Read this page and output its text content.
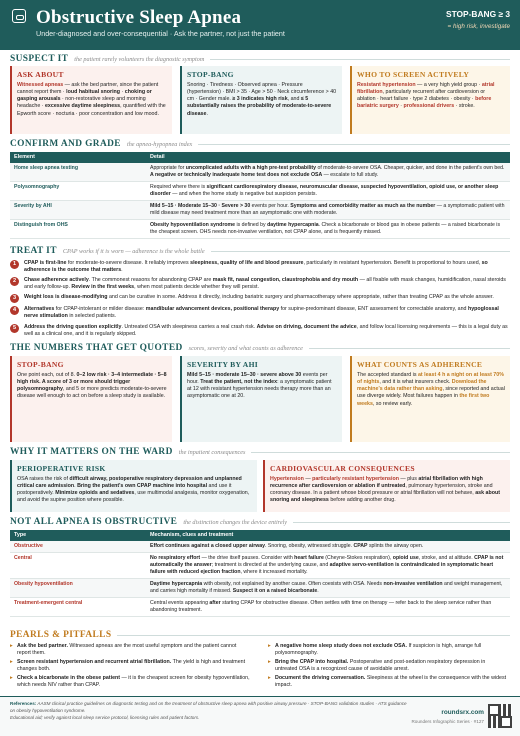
Obstructive Sleep Apnea
Under-diagnosed and over-consequential · Ask the partner, not just the patient
STOP-BANG ≥ 3
= high risk, investigate
SUSPECT IT the patient rarely volunteers the diagnostic symptom
ASK ABOUT
Witnessed apneas — ask the bed partner, since the patient cannot report them · loud habitual snoring · choking or gasping arousals · non-restorative sleep and morning headache · excessive daytime sleepiness, quantified with the Epworth score · nocturia · poor concentration and low mood.
STOP-BANG
Snoring · Tiredness · Observed apnea · Pressure (hypertension) · BMI > 35 · Age > 50 · Neck circumference > 40 cm · Gender male. ≥ 3 indicates high risk, and ≤ 5 substantially raises the probability of moderate-to-severe disease.
WHO TO SCREEN ACTIVELY
Resistant hypertension — a very high yield group · atrial fibrillation, particularly recurrent after cardioversion or ablation · heart failure · type 2 diabetes · obesity · before bariatric surgery · professional drivers · stroke.
CONFIRM AND GRADE the apnea-hypopnea index
Element	Detail
Home sleep apnea testing	Appropriate for uncomplicated adults with a high pre-test probability of moderate-to-severe OSA. Cheaper, quicker, and done in the patient's own bed. A negative or technically inadequate home test does not exclude OSA — escalate to full study.
Polysomnography	Required where there is significant cardiorespiratory disease, neuromuscular disease, suspected hypoventilation, opioid use, or another sleep disorder — and when the home study is negative but suspicion persists.
Severity by AHI	Mild 5–15 · Moderate 15–30 · Severe > 30 events per hour. Symptoms and comorbidity matter as much as the number — a symptomatic patient with mild disease may need treatment more than an asymptomatic one with moderate.
Distinguish from OHS	Obesity hypoventilation syndrome is defined by daytime hypercapnia. Check a bicarbonate or blood gas in obese patients — a raised bicarbonate is the cheapest screen. OHS needs non-invasive ventilation, not CPAP alone, and is frequently missed.
TREAT IT CPAP works if it is worn — adherence is the whole battle
1	CPAP is first-line for moderate-to-severe disease. It reliably improves sleepiness, quality of life and blood pressure, particularly in resistant hypertension. Benefit is proportional to hours used, so adherence is the outcome that matters.
2	Chase adherence actively. The commonest reasons for abandoning CPAP are mask fit, nasal congestion, claustrophobia and dry mouth — all fixable with mask changes, humidification, nasal steroids and early follow-up. Review in the first weeks, when most patients decide whether they will persist.
3	Weight loss is disease-modifying and can be curative in some. Address it directly, including bariatric surgery and pharmacotherapy where appropriate, rather than treating CPAP as the whole answer.
4	Alternatives for CPAP-intolerant or milder disease: mandibular advancement devices, positional therapy for supine-predominant disease, ENT assessment for correctable anatomy, and hypoglossal nerve stimulation in selected patients.
5	Address the driving question explicitly. Untreated OSA with sleepiness carries a real crash risk. Advise on driving, document the advice, and follow local licensing requirements — this is a legal duty as well as a clinical one, and it is regularly skipped.
THE NUMBERS THAT GET QUOTED scores, severity and what counts as adherence
STOP-BANG
One point each, out of 8. 0–2 low risk · 3–4 intermediate · 5–8 high risk. A score of 3 or more should trigger polysomnography, and 5 or more predicts moderate-to-severe disease well enough to act on before a sleep study is available.
SEVERITY BY AHI
Mild 5–15 · moderate 15–30 · severe above 30 events per hour. Treat the patient, not the index: a symptomatic patient at 12 with resistant hypertension needs therapy more than an asymptomatic one at 20.
WHAT COUNTS AS ADHERENCE
The accepted standard is at least 4 h a night on at least 70% of nights, and it is what insurers check. Download the machine's data rather than asking, since reported and actual use diverge widely. Most failures happen in the first two weeks, so review early.
WHY IT MATTERS ON THE WARD the inpatient consequences
PERIOPERATIVE RISK
OSA raises the risk of difficult airway, postoperative respiratory depression and unplanned critical care admission. Bring the patient's own CPAP machine into hospital and use it postoperatively. Minimize opioids and sedatives, use multimodal analgesia, monitor oxygenation, and avoid the supine position where possible.
CARDIOVASCULAR CONSEQUENCES
Hypertension — particularly resistant hypertension — plus atrial fibrillation with high recurrence after cardioversion or ablation if untreated, pulmonary hypertension, stroke and coronary disease. In a patient whose blood pressure or atrial fibrillation will not behave, ask about snoring and sleepiness before adding another drug.
NOT ALL APNEA IS OBSTRUCTIVE the distinction changes the device entirely
Type	Mechanism, clues and treatment
Obstructive	Effort continues against a closed upper airway. Snoring, obesity, witnessed struggle. CPAP splints the airway open.
Central	No respiratory effort — the drive itself pauses. Consider with heart failure (Cheyne-Stokes respiration), opioid use, stroke, and at altitude. CPAP is not automatically the answer; treatment is directed at the underlying cause, and adaptive servo-ventilation is contraindicated in symptomatic heart failure with reduced ejection fraction, where it increased mortality.
Obesity hypoventilation	Daytime hypercapnia with obesity, not explained by another cause. Often coexists with OSA. Needs non-invasive ventilation and weight management, and carries high mortality if missed. Suspect it on a raised bicarbonate.
Treatment-emergent central	Central events appearing after starting CPAP for obstructive disease. Often settles with time on therapy — refer back to the sleep service rather than abandoning treatment.
PEARLS & PITFALLS
▸ Ask the bed partner. Witnessed apneas are the most useful symptom and the patient cannot report them.
▸ Screen resistant hypertension and recurrent atrial fibrillation. The yield is high and treatment changes both.
▸ Check a bicarbonate in the obese patient — it is the cheapest screen for obesity hypoventilation, which needs NIV rather than CPAP.
▸ A negative home sleep study does not exclude OSA. If suspicion is high, arrange full polysomnography.
▸ Bring the CPAP into hospital. Postoperative and post-sedation respiratory depression in untreated OSA is a recognized cause of avoidable arrest.
▸ Document the driving conversation. Sleepiness at the wheel is the consequence with the widest impact.
References: AASM clinical practice guidelines on diagnostic testing and on the treatment of obstructive sleep apnea with positive airway pressure · STOP-BANG validation studies · ATS guidance on obesity hypoventilation syndrome.
Educational aid; verify against local sleep service protocol, licensing rules and patient factors.
roundsrx.com
Rounders Infographic Series · #127
